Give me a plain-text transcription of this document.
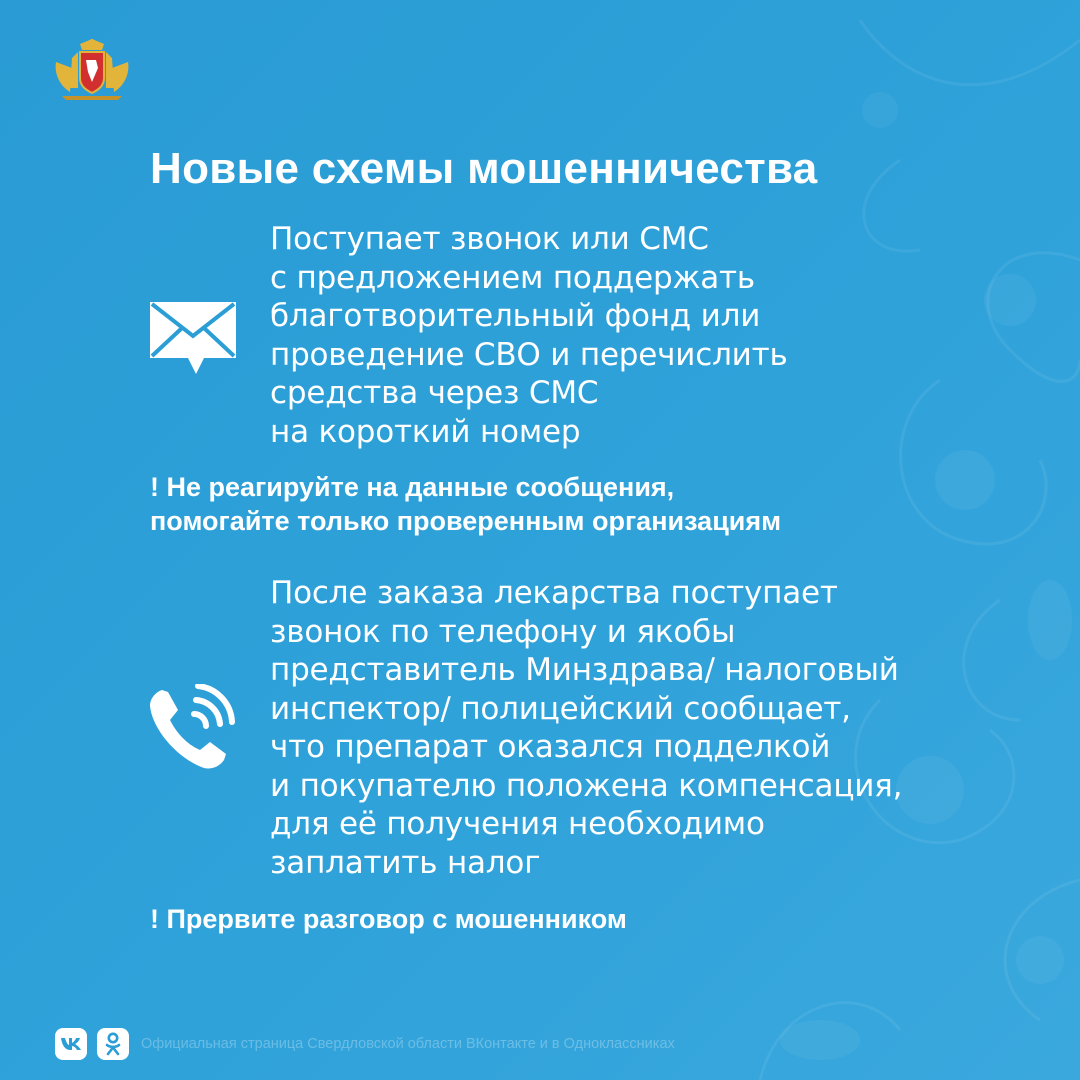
Новые схемы мошенничества
Поступает звонок или СМС
с предложением поддержать
благотворительный фонд или
проведение СВО и перечислить
средства через СМС
на короткий номер
! Не реагируйте на данные сообщения,
помогайте только проверенным организациям
После заказа лекарства поступает
звонок по телефону и якобы
представитель Минздрава/ налоговый
инспектор/ полицейский сообщает,
что препарат оказался подделкой
и покупателю положена компенсация,
для её получения необходимо
заплатить налог
! Прервите разговор с мошенником
Официальная страница Свердловской области ВКонтакте и в Одноклассниках
